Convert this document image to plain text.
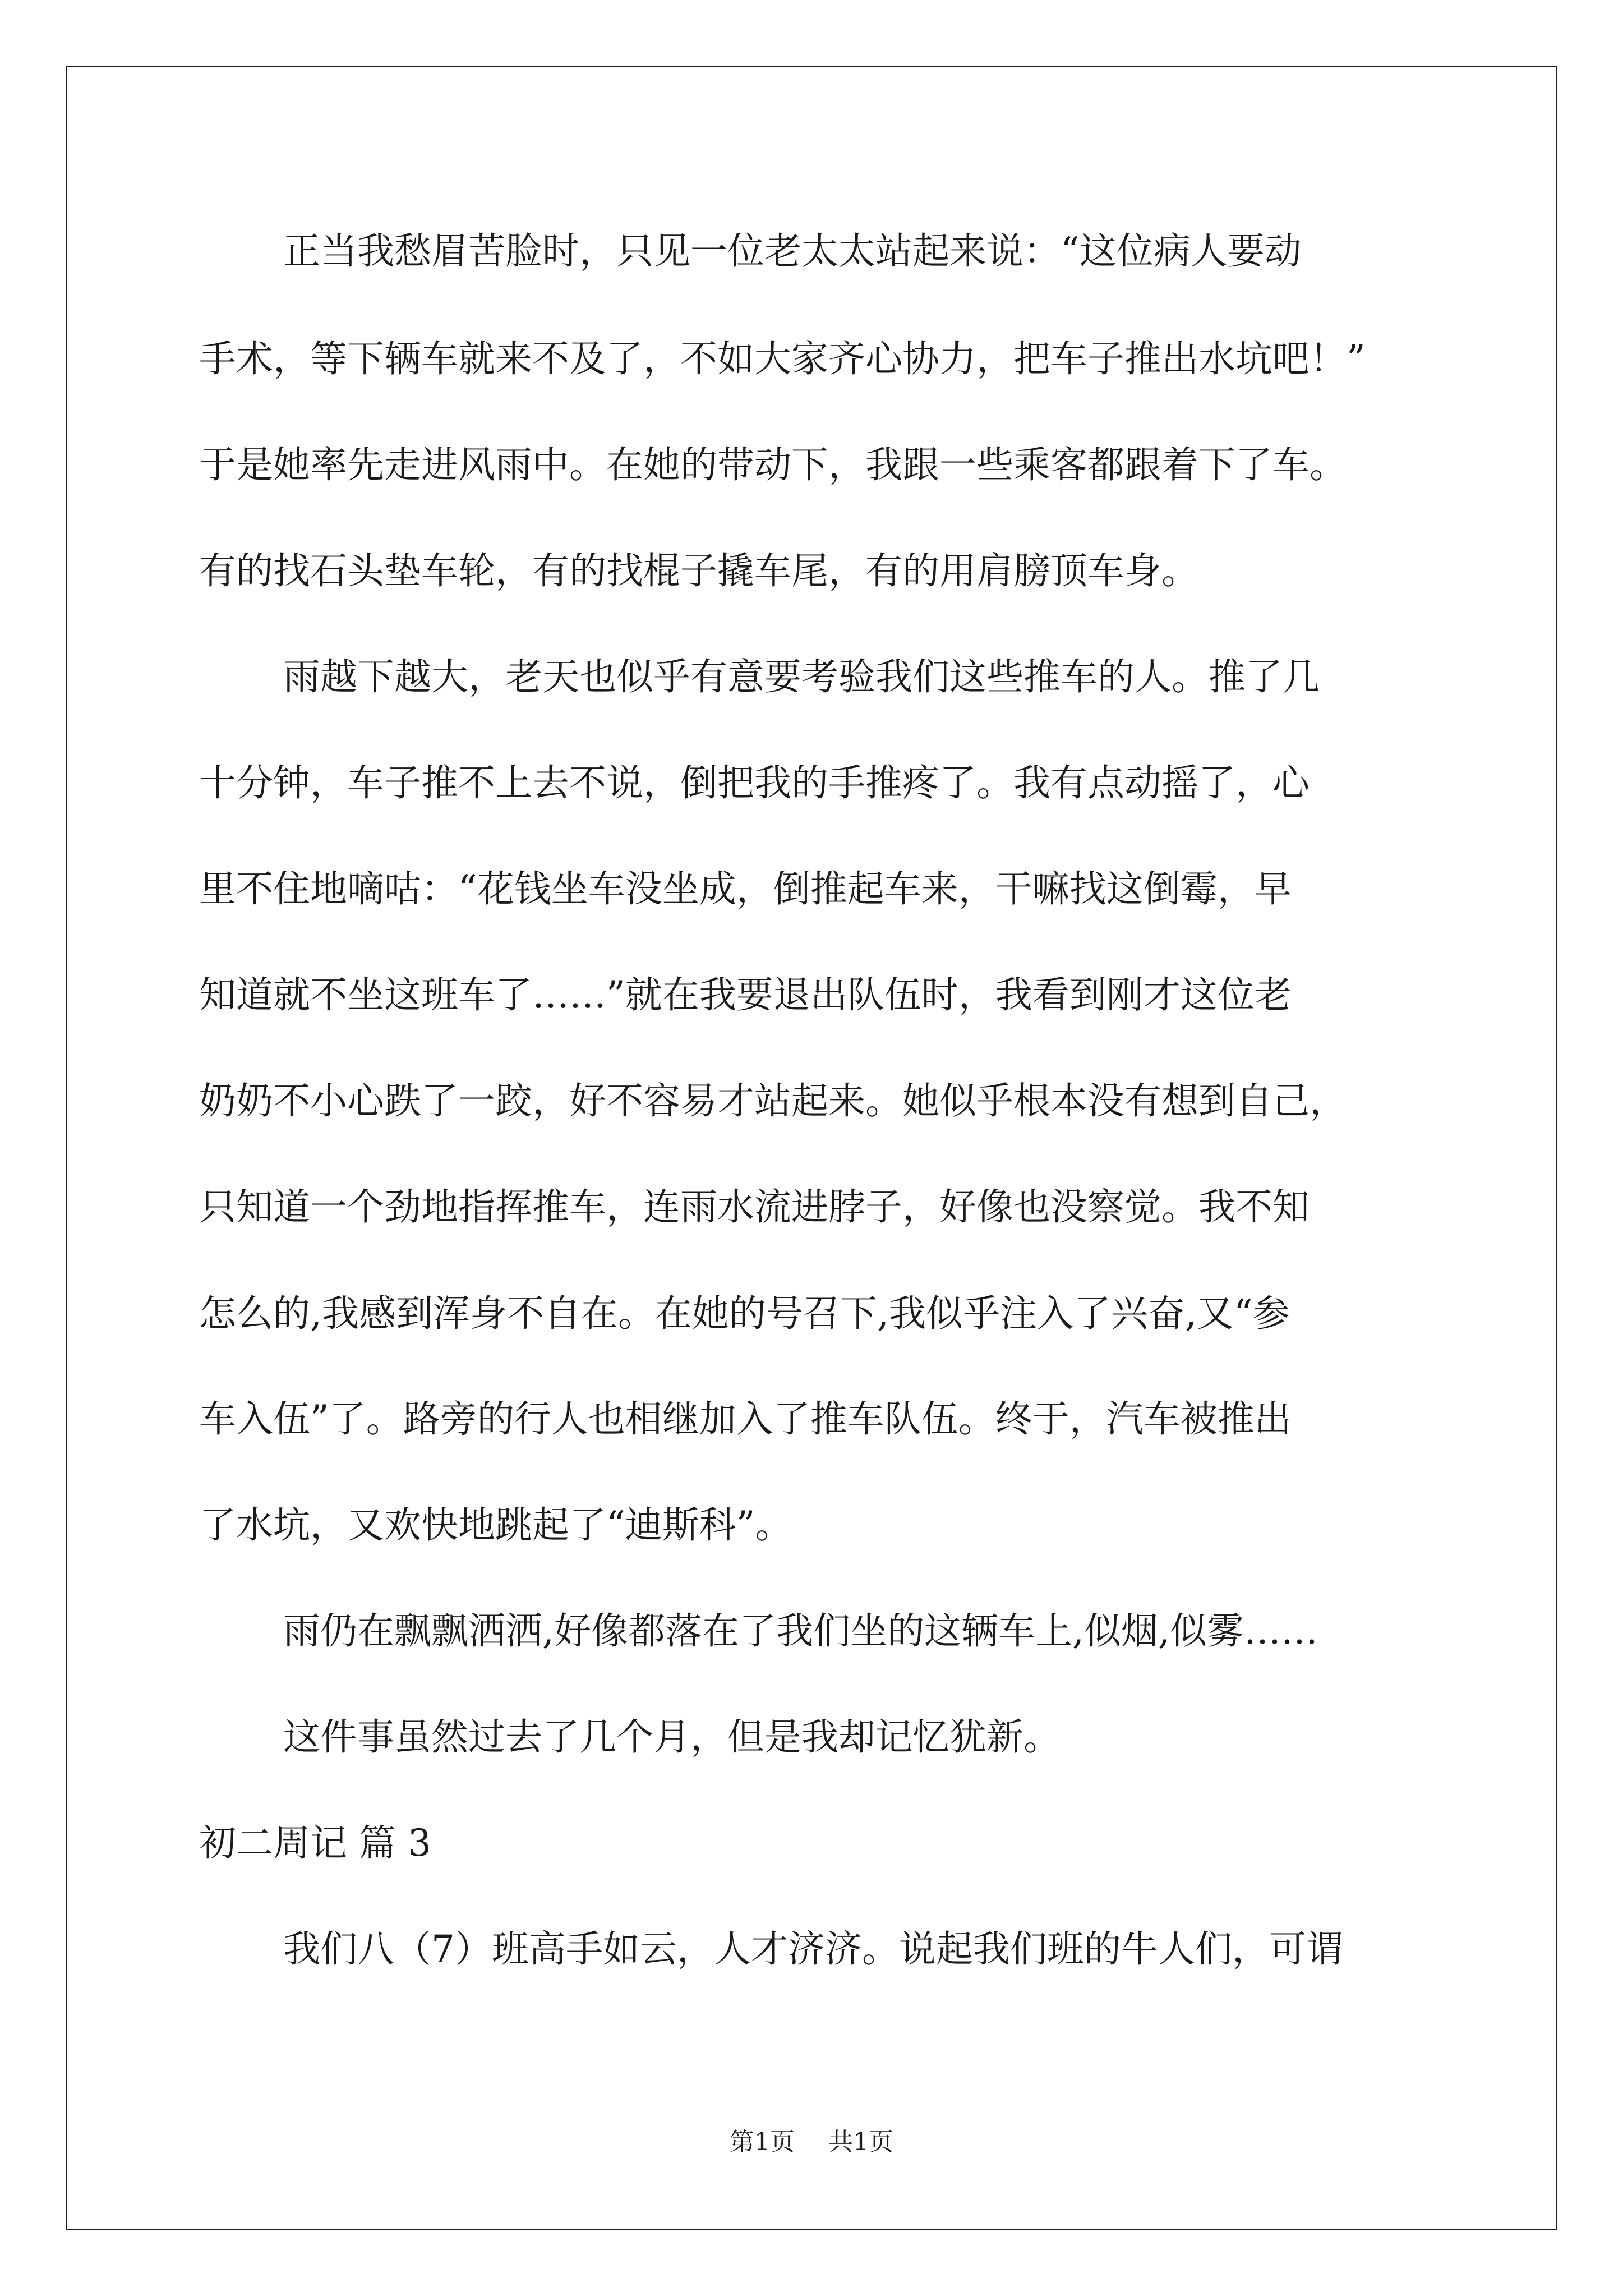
正当我愁眉苦脸时，只见一位老太太站起来说：“这位病人要动
手术，等下辆车就来不及了，不如大家齐心协力，把车子推出水坑吧！”
于是她率先走进风雨中。在她的带动下，我跟一些乘客都跟着下了车。
有的找石头垫车轮，有的找棍子撬车尾，有的用肩膀顶车身。
雨越下越大，老天也似乎有意要考验我们这些推车的人。推了几
十分钟，车子推不上去不说，倒把我的手推疼了。我有点动摇了，心
里不住地嘀咕：“花钱坐车没坐成，倒推起车来，干嘛找这倒霉，早
知道就不坐这班车了……”就在我要退出队伍时，我看到刚才这位老
奶奶不小心跌了一跤，好不容易才站起来。她似乎根本没有想到自己，
只知道一个劲地指挥推车，连雨水流进脖子，好像也没察觉。我不知
怎么的,我感到浑身不自在。在她的号召下,我似乎注入了兴奋,又“参
车入伍”了。路旁的行人也相继加入了推车队伍。终于，汽车被推出
了水坑，又欢快地跳起了“迪斯科”。
雨仍在飘飘洒洒,好像都落在了我们坐的这辆车上,似烟,似雾……
这件事虽然过去了几个月，但是我却记忆犹新。
初二周记 篇 3
我们八（7）班高手如云，人才济济。说起我们班的牛人们，可谓
第1页 共1页
